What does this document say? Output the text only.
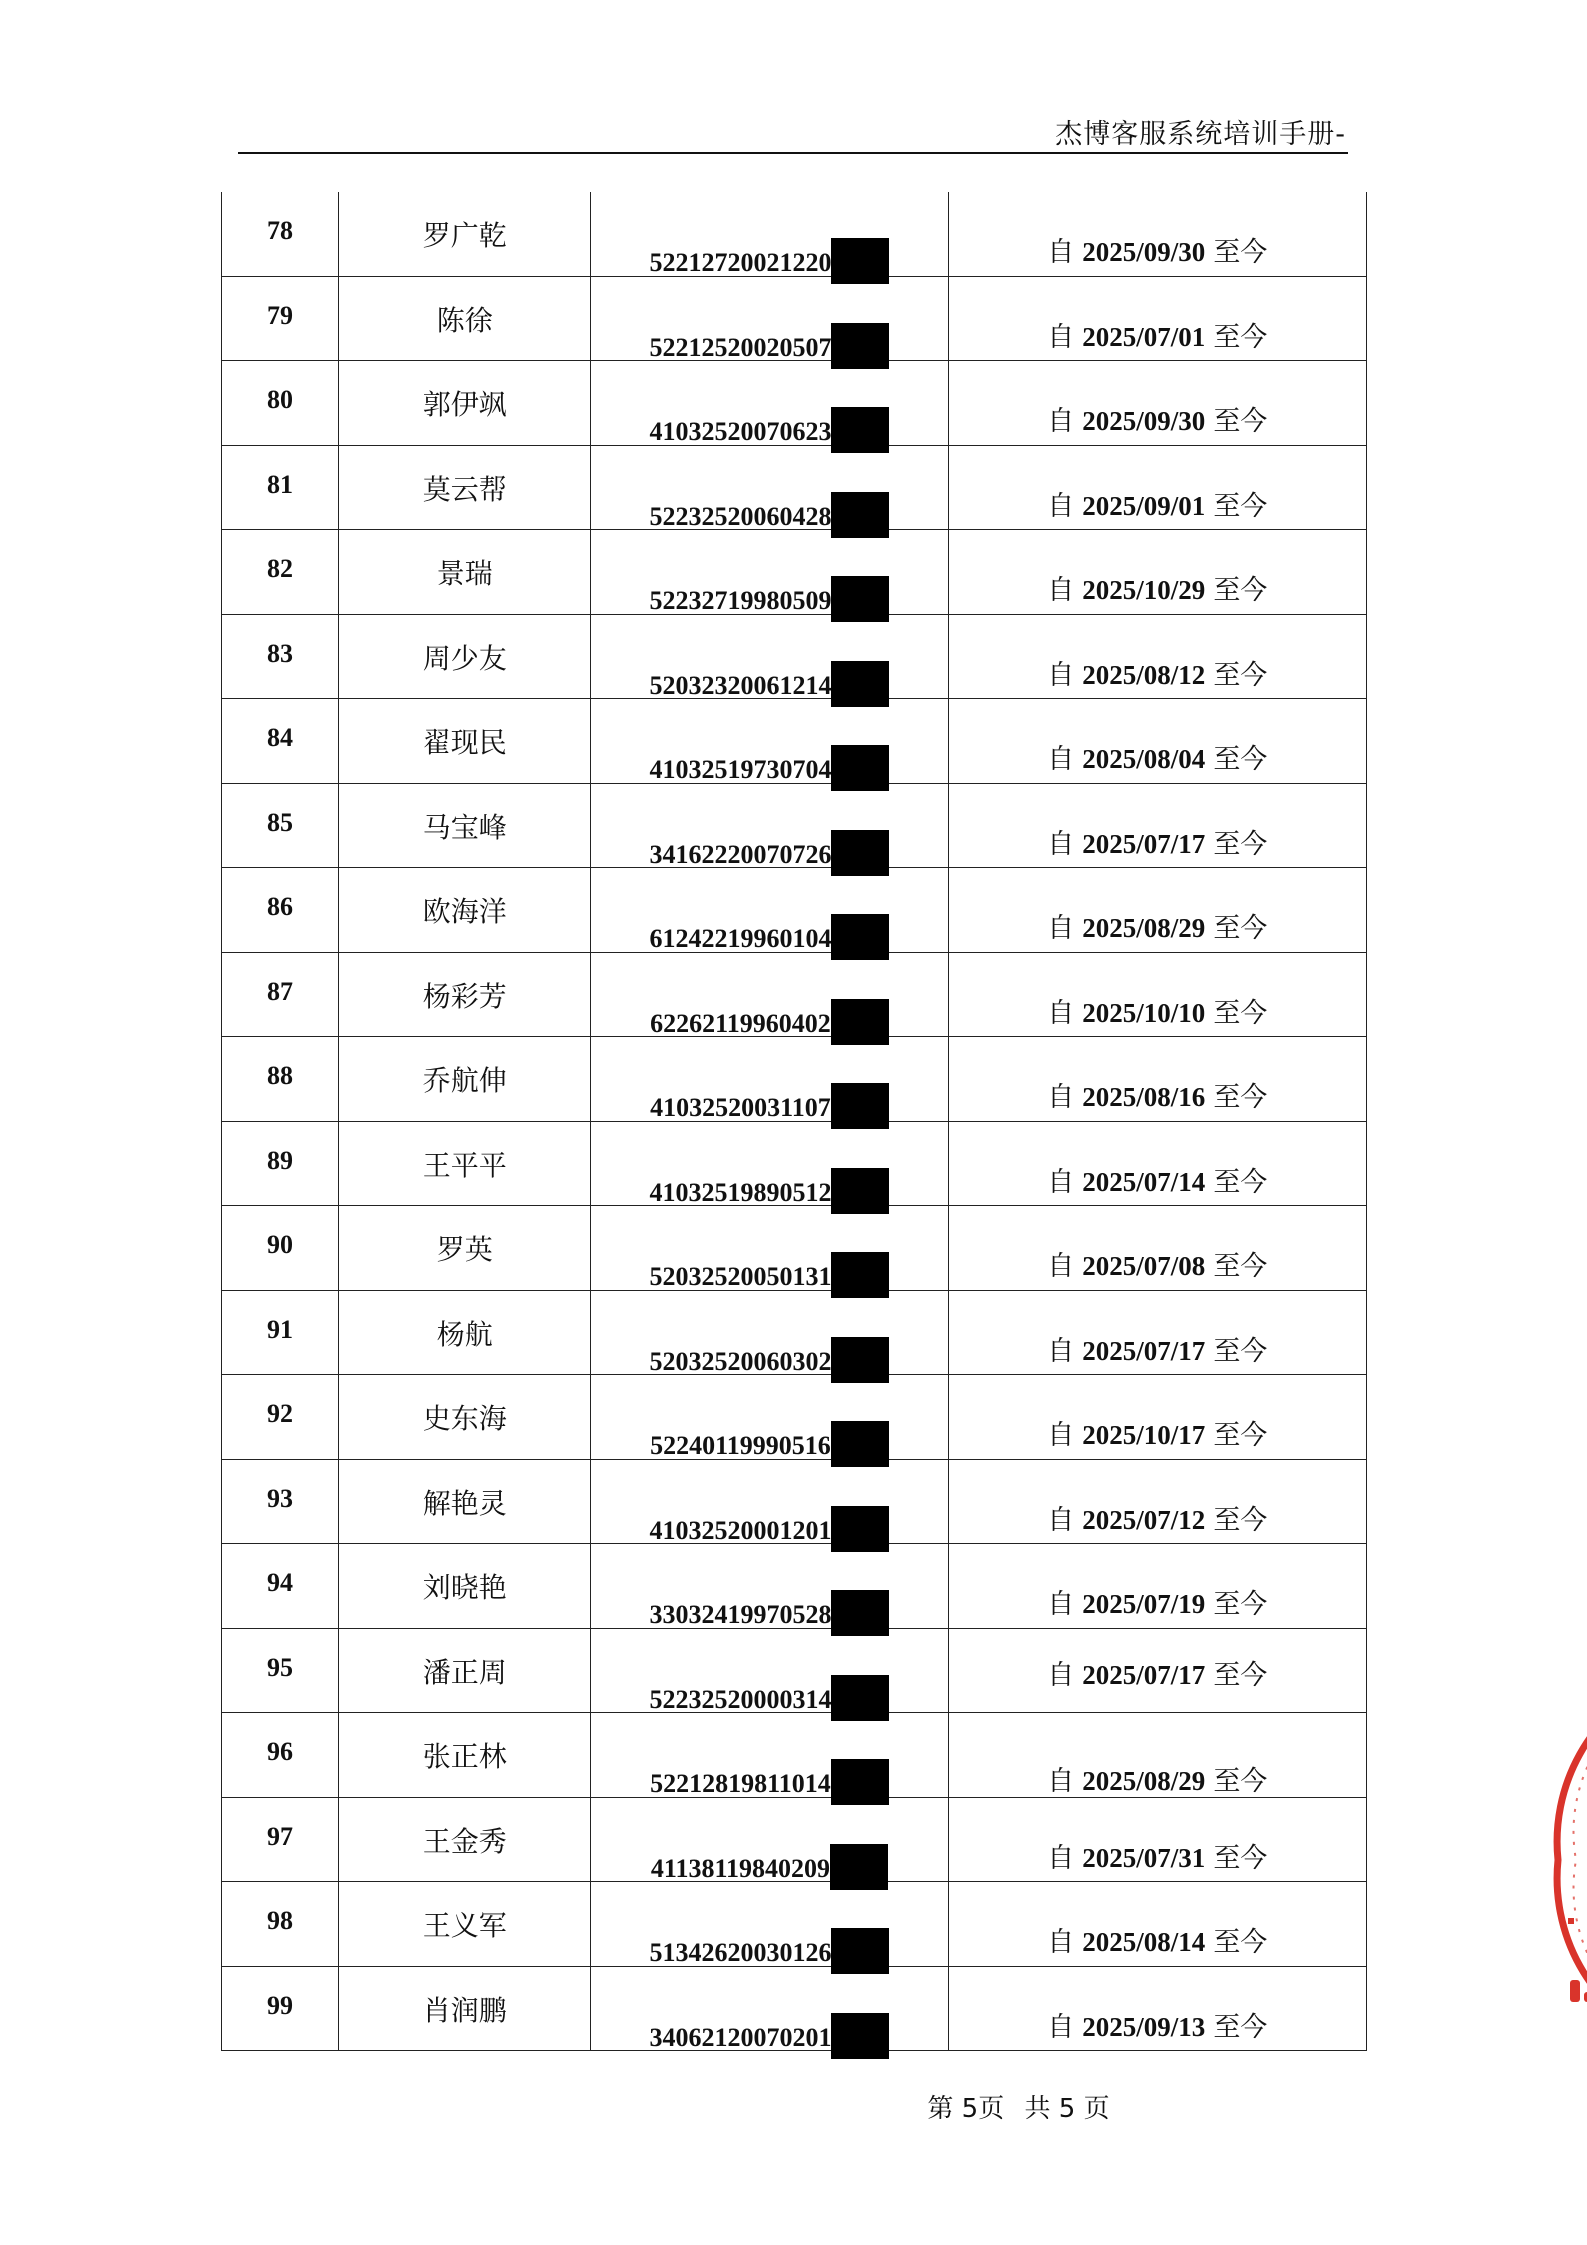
杰博客服系统培训手册-
78	罗广乾	52212720021220	自 2025/09/30 至今

79	陈徐	52212520020507	自 2025/07/01 至今

80	郭伊飒	41032520070623	自 2025/09/30 至今

81	莫云帮	52232520060428	自 2025/09/01 至今

82	景瑞	52232719980509	自 2025/10/29 至今

83	周少友	52032320061214	自 2025/08/12 至今

84	翟现民	41032519730704	自 2025/08/04 至今

85	马宝峰	34162220070726	自 2025/07/17 至今

86	欧海洋	61242219960104	自 2025/08/29 至今

87	杨彩芳	62262119960402	自 2025/10/10 至今

88	乔航伸	41032520031107	自 2025/08/16 至今

89	王平平	41032519890512	自 2025/07/14 至今

90	罗英	52032520050131	自 2025/07/08 至今

91	杨航	52032520060302	自 2025/07/17 至今

92	史东海	52240119990516	自 2025/10/17 至今

93	解艳灵	41032520001201	自 2025/07/12 至今

94	刘晓艳	33032419970528	自 2025/07/19 至今

95	潘正周	52232520000314	自 2025/07/17 至今

96	张正林	52212819811014	自 2025/08/29 至今

97	王金秀	41138119840209	自 2025/07/31 至今

98	王义军	51342620030126	自 2025/08/14 至今

99	肖润鹏	34062120070201	自 2025/09/13 至今
第 5页 共 5 页
